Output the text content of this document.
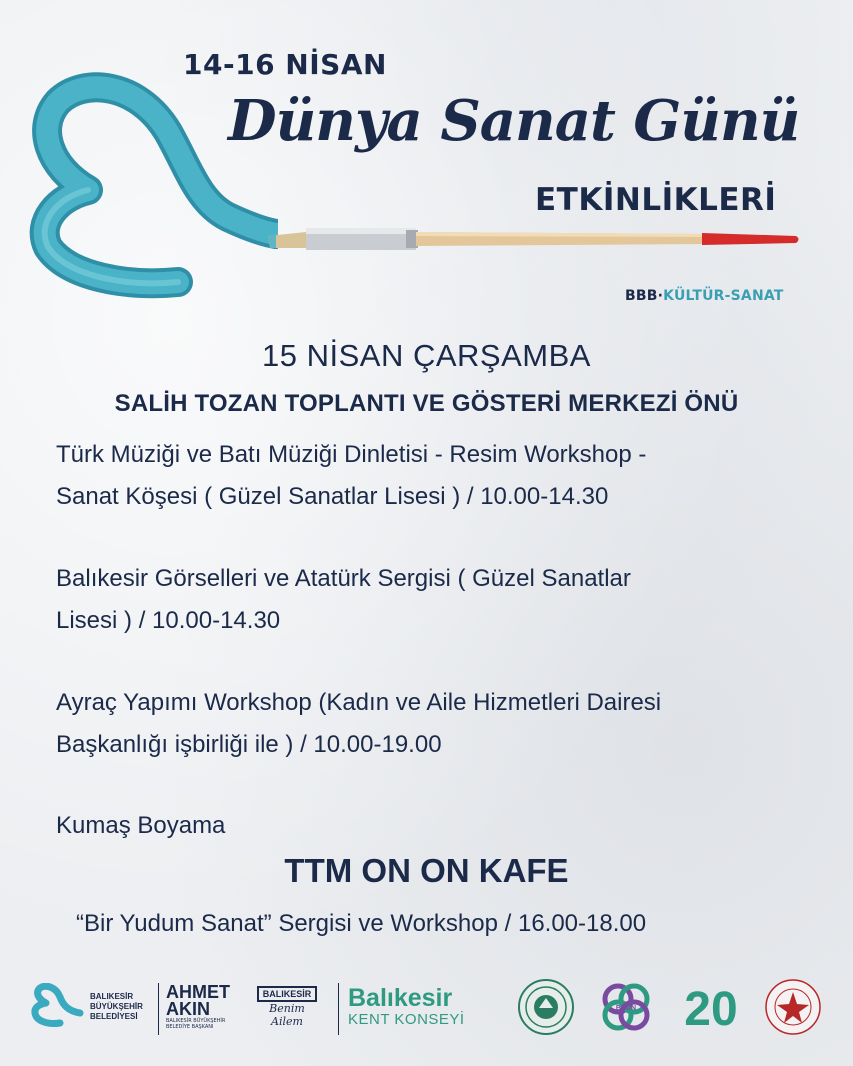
14-16 NİSAN
Dünya Sanat Günü
ETKİNLİKLERİ
BBB·KÜLTÜR-SANAT
15 NİSAN ÇARŞAMBA
SALİH TOZAN TOPLANTI VE GÖSTERİ MERKEZİ ÖNÜ
Türk Müziği ve Batı Müziği Dinletisi - Resim Workshop -
Sanat Köşesi ( Güzel Sanatlar Lisesi ) / 10.00-14.30
Balıkesir Görselleri ve Atatürk Sergisi ( Güzel Sanatlar
Lisesi ) / 10.00-14.30
Ayraç Yapımı Workshop (Kadın ve Aile Hizmetleri Dairesi
Başkanlığı işbirliği ile ) / 10.00-19.00
Kumaş Boyama
TTM ON ON KAFE
“Bir Yudum Sanat” Sergisi ve Workshop / 16.00-18.00
BALIKESİR
BÜYÜKŞEHİR
BELEDİYESİ
AHMET
AKIN
BALIKESİR BÜYÜKŞEHİR
BELEDİYE BAŞKANI
BALIKESİR
Benim
Ailem
Balıkesir
KENT KONSEYİ
BAUN 20
